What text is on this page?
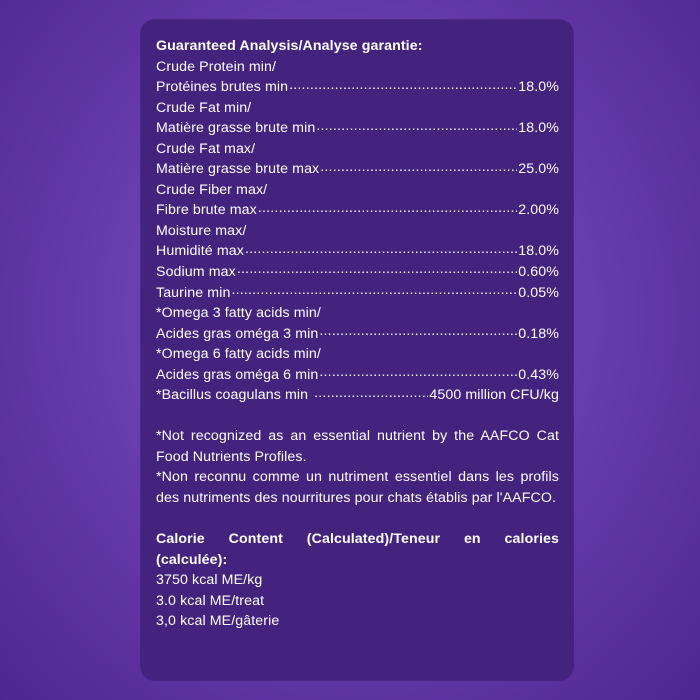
Guaranteed Analysis/Analyse garantie:
Crude Protein min/
Protéines brutes min .....	18.0%
Crude Fat min/
Matière grasse brute min .....	18.0%
Crude Fat max/
Matière grasse brute max .....	25.0%
Crude Fiber max/
Fibre brute max .....	2.00%
Moisture max/
Humidité max .....	18.0%
Sodium max .....	0.60%
Taurine min .....	0.05%
*Omega 3 fatty acids min/
Acides gras oméga 3 min .....	0.18%
*Omega 6 fatty acids min/
Acides gras oméga 6 min .....	0.43%
*Bacillus coagulans min .....	4500 million CFU/kg
*Not recognized as an essential nutrient by the AAFCO Cat Food Nutrients Profiles.
*Non reconnu comme un nutriment essentiel dans les profils des nutriments des nourritures pour chats établis par l'AAFCO.
Calorie Content (Calculated)/Teneur en calories
(calculée):
3750 kcal ME/kg
3.0 kcal ME/treat
3,0 kcal ME/gâterie
